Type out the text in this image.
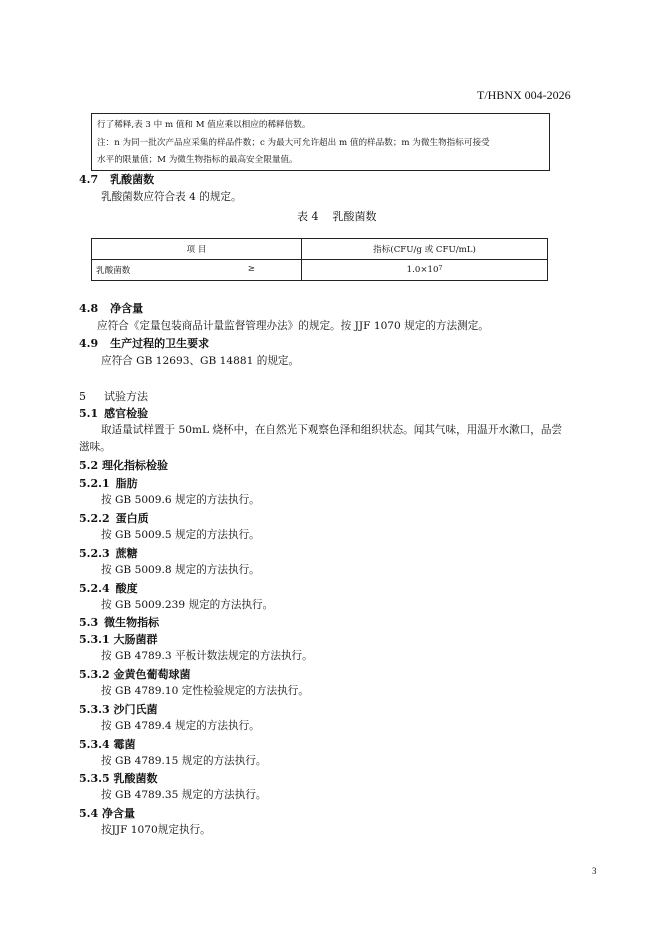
T/HBNX 004-2026
行了稀释,表 3 中 m 值和 M 值应乘以相应的稀释倍数。
注：n 为同一批次产品应采集的样品件数；c 为最大可允许超出 m 值的样品数；m 为微生物指标可接受
水平的限量值；M 为微生物指标的最高安全限量值。
4.7 乳酸菌数
乳酸菌数应符合表 4 的规定。
表 4 乳酸菌数
项 目	指标(CFU/g 或 CFU/mL)
乳酸菌数 ≥	$1.0\times 10^7$
4.8 净含量
应符合《定量包装商品计量监督管理办法》的规定。按 JJF 1070 规定的方法测定。
4.9 生产过程的卫生要求
应符合 GB 12693、GB 14881 的规定。
5 试验方法
5.1 感官检验
取适量试样置于 50mL 烧杯中，在自然光下观察色泽和组织状态。闻其气味，用温开水漱口，品尝
滋味。
5.2 理化指标检验
5.2.1 脂肪
按 GB 5009.6 规定的方法执行。
5.2.2 蛋白质
按 GB 5009.5 规定的方法执行。
5.2.3 蔗糖
按 GB 5009.8 规定的方法执行。
5.2.4 酸度
按 GB 5009.239 规定的方法执行。
5.3 微生物指标
5.3.1 大肠菌群
按 GB 4789.3 平板计数法规定的方法执行。
5.3.2 金黄色葡萄球菌
按 GB 4789.10 定性检验规定的方法执行。
5.3.3 沙门氏菌
按 GB 4789.4 规定的方法执行。
5.3.4 霉菌
按 GB 4789.15 规定的方法执行。
5.3.5 乳酸菌数
按 GB 4789.35 规定的方法执行。
5.4 净含量
按JJF 1070规定执行。
3
